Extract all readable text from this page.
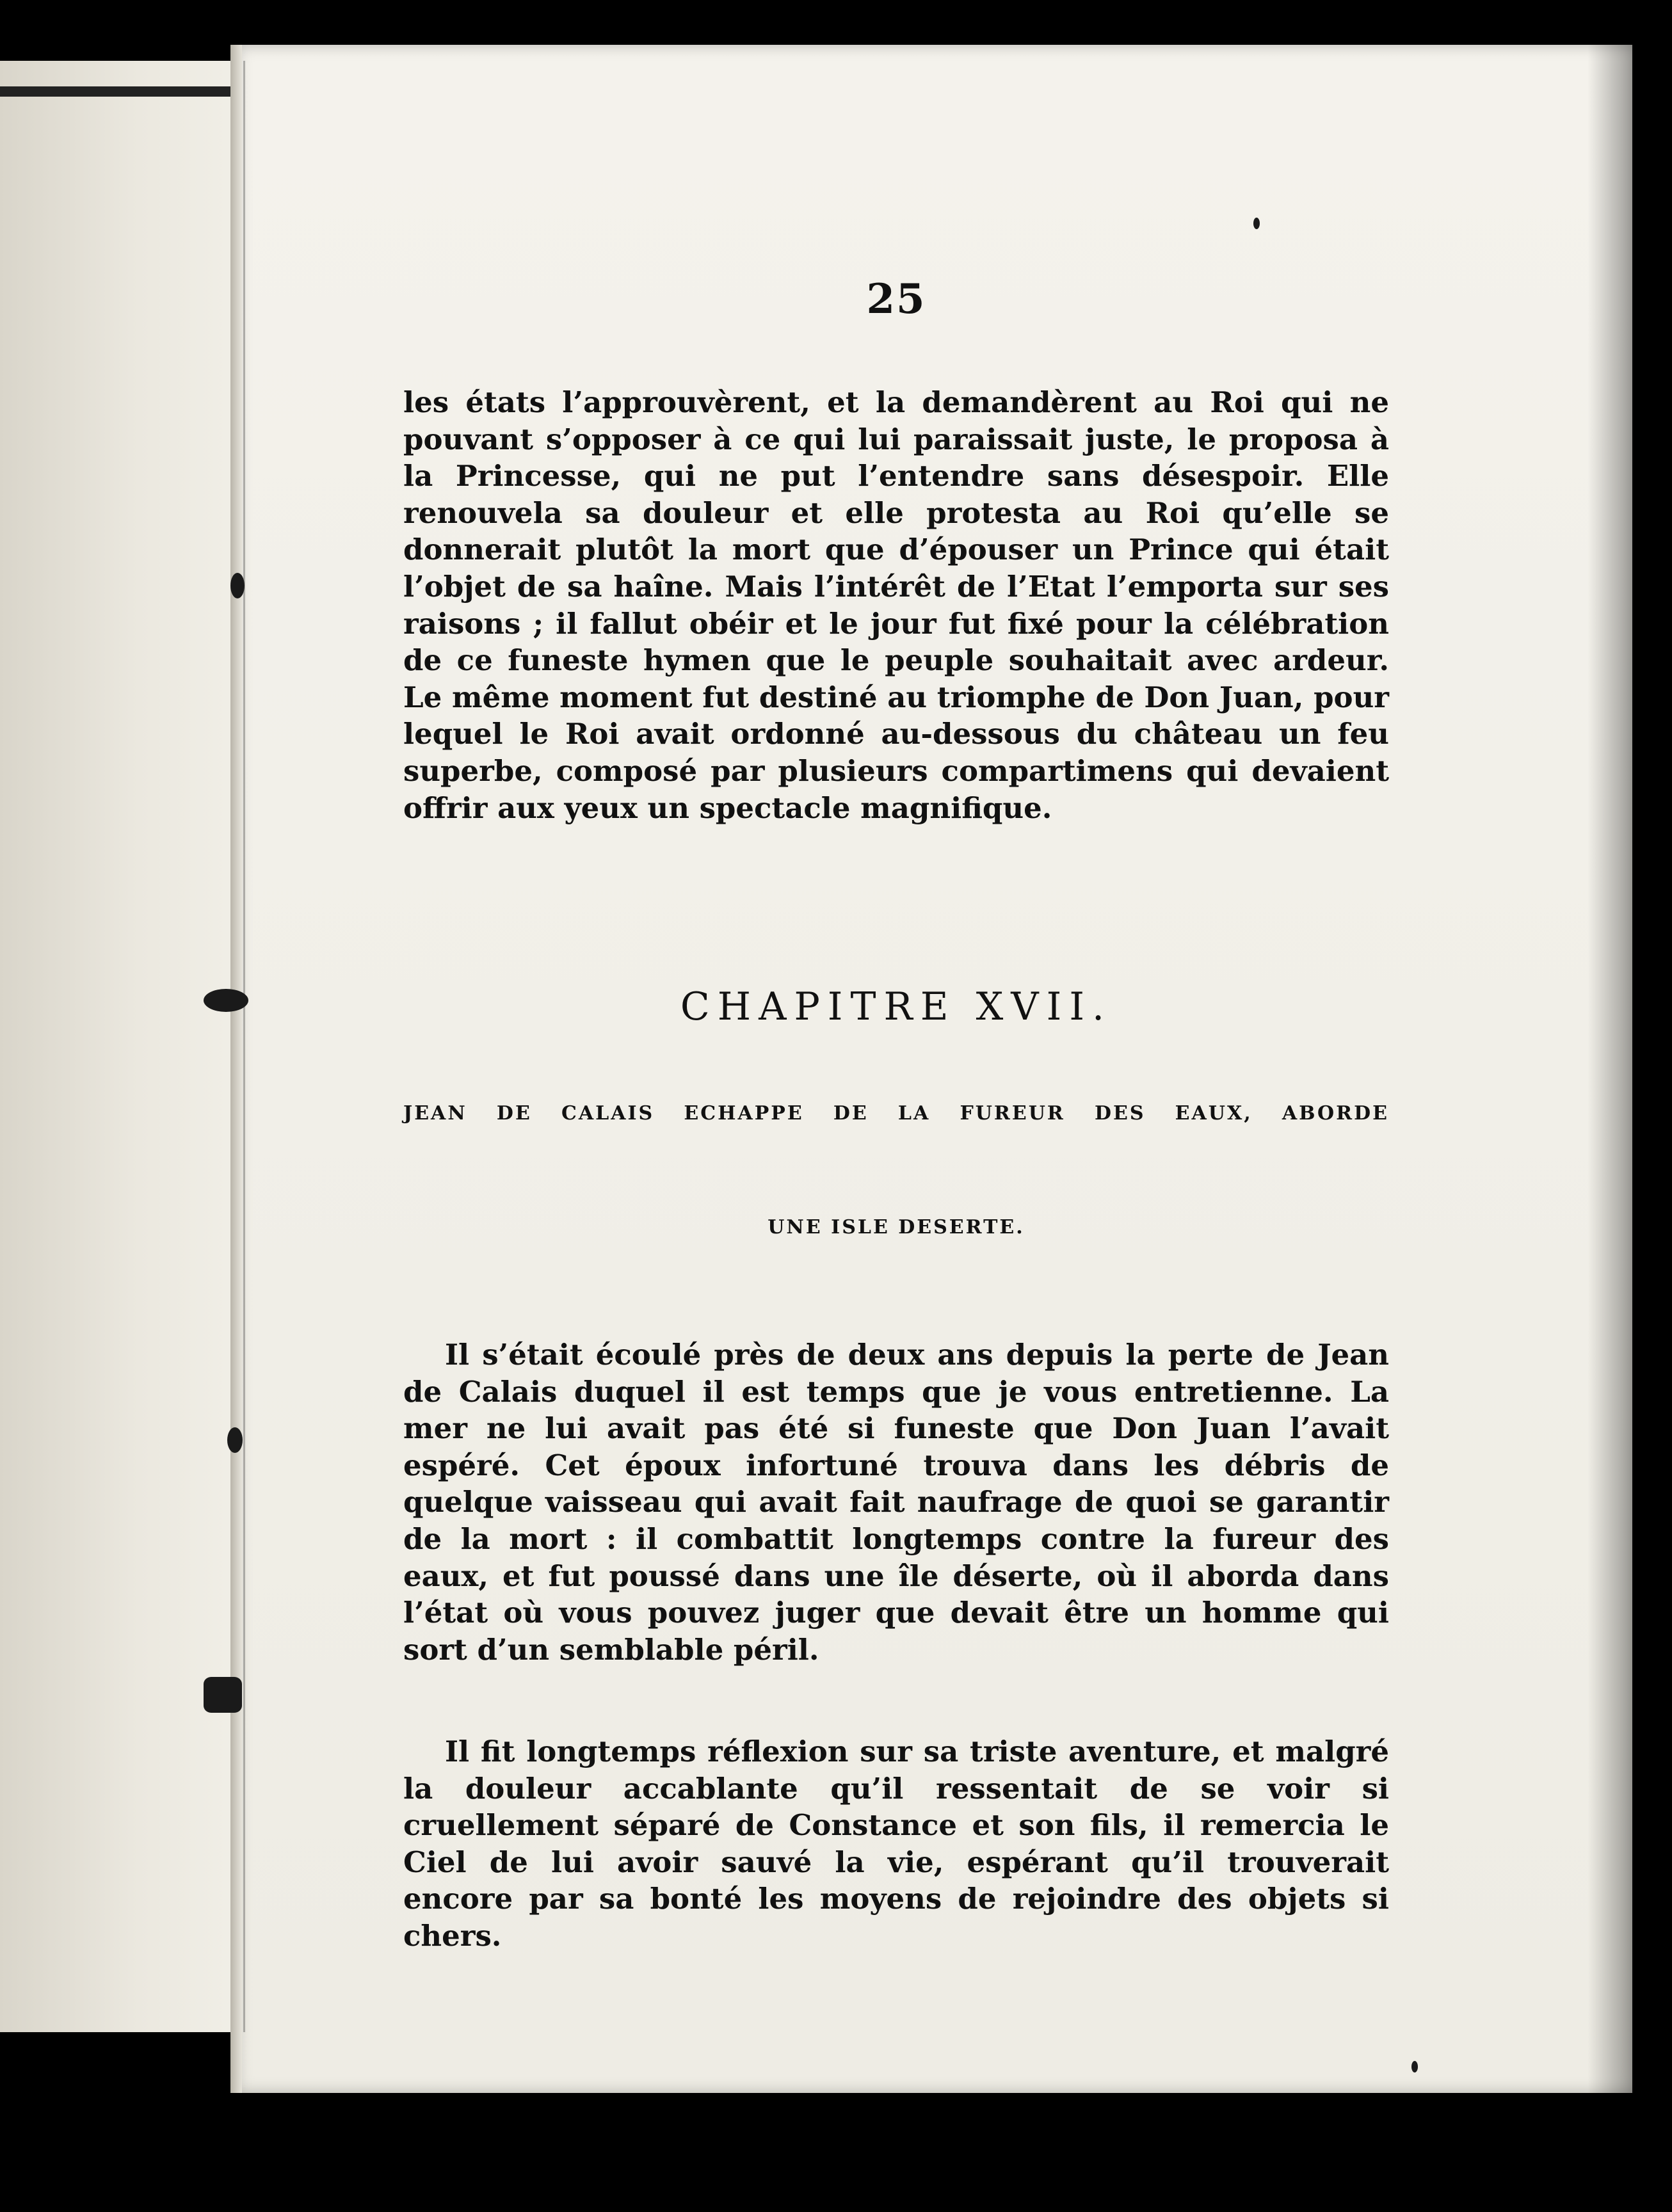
25

les états l’approuvèrent, et la demandèrent au Roi qui ne pouvant s’opposer à ce qui lui paraissait juste, le proposa à la Princesse, qui ne put l’entendre sans désespoir. Elle renouvela sa douleur et elle protesta au Roi qu’elle se donnerait plutôt la mort que d’épouser un Prince qui était l’objet de sa haîne. Mais l’intérêt de l’Etat l’emporta sur ses raisons ; il fallut obéir et le jour fut fixé pour la célébration de ce funeste hymen que le peuple souhaitait avec ardeur. Le même moment fut destiné au triomphe de Don Juan, pour lequel le Roi avait ordonné au-dessous du château un feu superbe, composé par plusieurs compartimens qui devaient offrir aux yeux un spectacle magnifique.

CHAPITRE XVII.
JEAN DE CALAIS ECHAPPE DE LA FUREUR DES EAUX, ABORDE
UNE ISLE DESERTE.

Il s’était écoulé près de deux ans depuis la perte de Jean de Calais duquel il est temps que je vous entretienne. La mer ne lui avait pas été si funeste que Don Juan l’avait espéré. Cet époux infortuné trouva dans les débris de quelque vaisseau qui avait fait naufrage de quoi se garantir de la mort : il combattit longtemps contre la fureur des eaux, et fut poussé dans une île déserte, où il aborda dans l’état où vous pouvez juger que devait être un homme qui sort d’un semblable péril.

Il fit longtemps réflexion sur sa triste aventure, et malgré la douleur accablante qu’il ressentait de se voir si cruellement séparé de Constance et son fils, il remercia le Ciel de lui avoir sauvé la vie, espérant qu’il trouverait encore par sa bonté les moyens de rejoindre des objets si chers.
